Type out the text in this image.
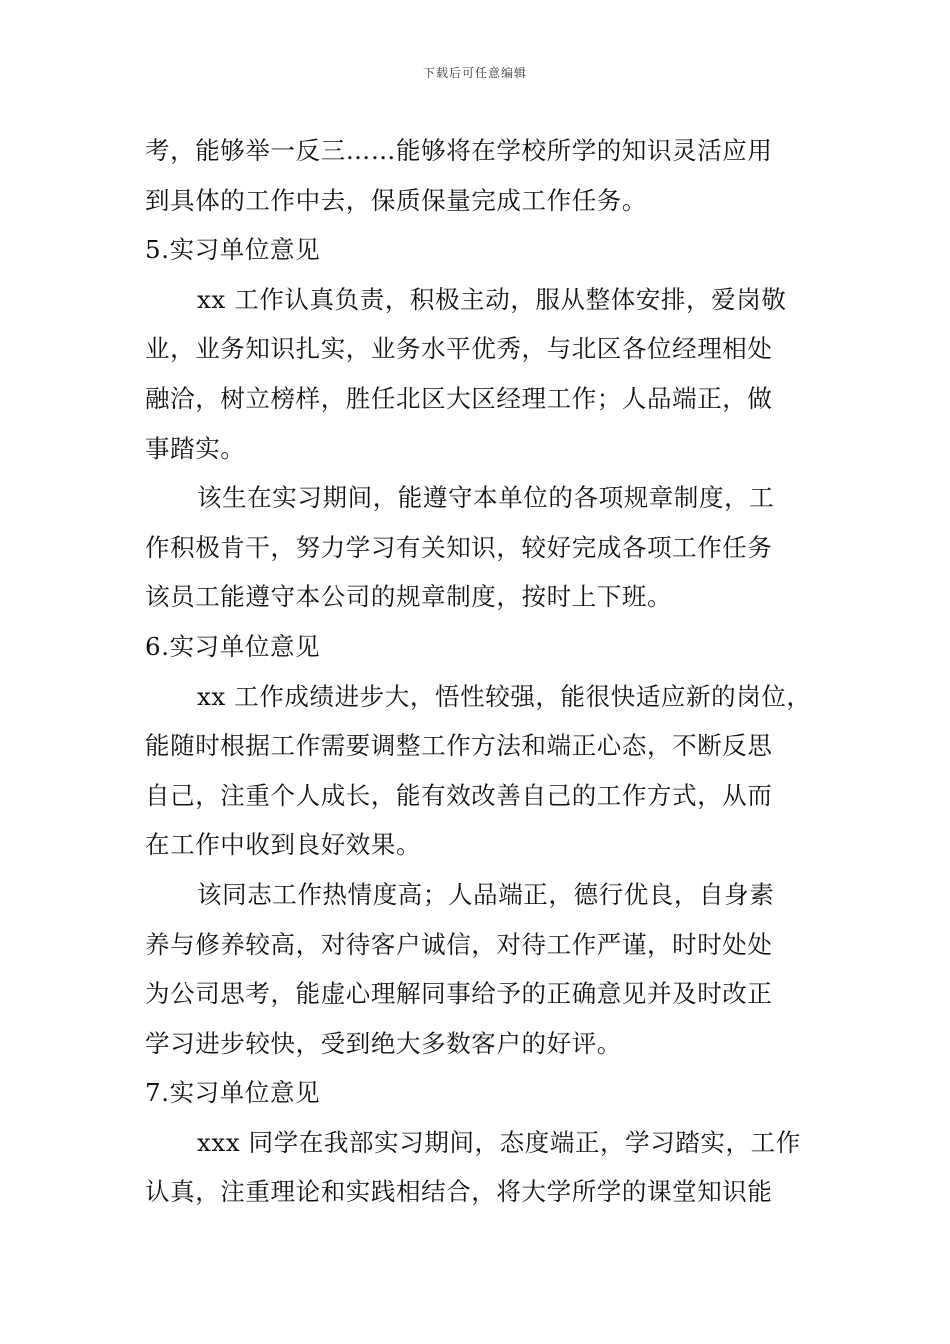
下载后可任意编辑
考，能够举一反三……能够将在学校所学的知识灵活应用
到具体的工作中去，保质保量完成工作任务。
5.实习单位意见
xx 工作认真负责，积极主动，服从整体安排，爱岗敬
业，业务知识扎实，业务水平优秀，与北区各位经理相处
融洽，树立榜样，胜任北区大区经理工作；人品端正，做
事踏实。
该生在实习期间，能遵守本单位的各项规章制度，工
作积极肯干，努力学习有关知识，较好完成各项工作任务
该员工能遵守本公司的规章制度，按时上下班。
6.实习单位意见
xx 工作成绩进步大，悟性较强，能很快适应新的岗位，
能随时根据工作需要调整工作方法和端正心态，不断反思
自己，注重个人成长，能有效改善自己的工作方式，从而
在工作中收到良好效果。
该同志工作热情度高；人品端正，德行优良，自身素
养与修养较高，对待客户诚信，对待工作严谨，时时处处
为公司思考，能虚心理解同事给予的正确意见并及时改正
学习进步较快，受到绝大多数客户的好评。
7.实习单位意见
xxx 同学在我部实习期间，态度端正，学习踏实，工作
认真，注重理论和实践相结合，将大学所学的课堂知识能
